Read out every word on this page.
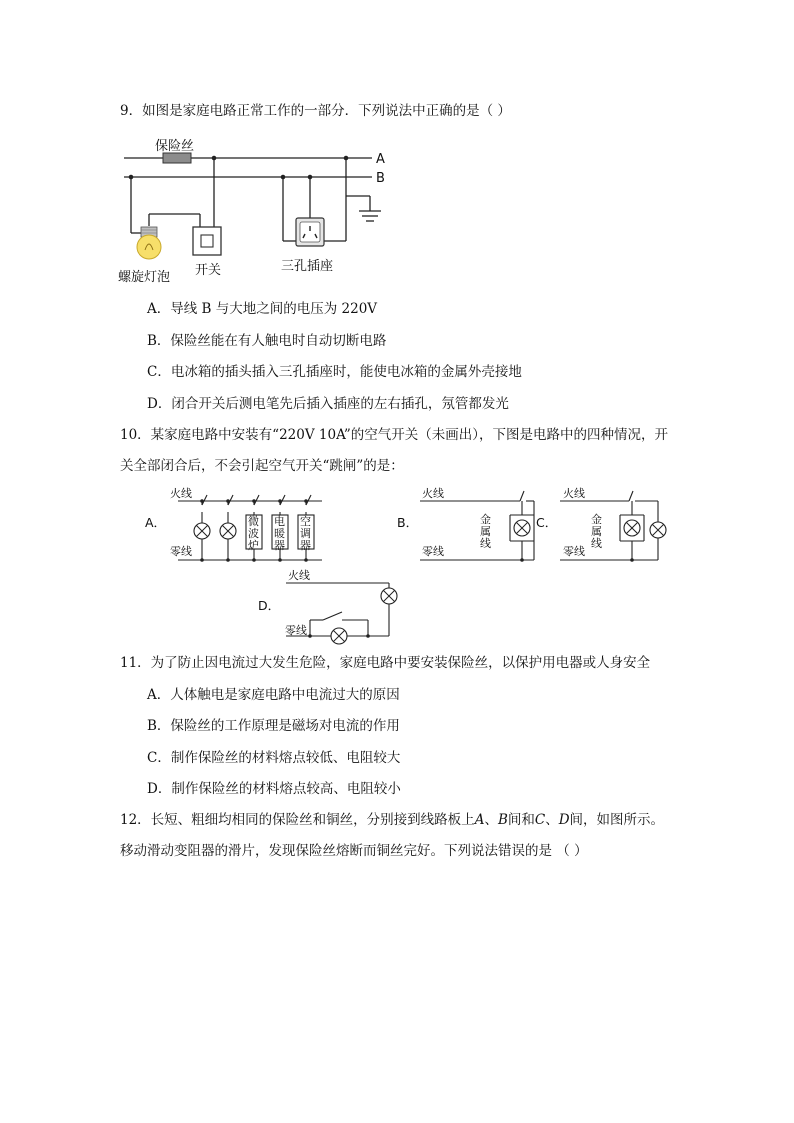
9．如图是家庭电路正常工作的一部分．下列说法中正确的是（ ）
保险丝
A
B
螺旋灯泡 开关	三孔插座
A．导线 B 与大地之间的电压为 220V
B．保险丝能在有人触电时自动切断电路
C．电冰箱的插头插入三孔插座时，能使电冰箱的金属外壳接地
D．闭合开关后测电笔先后插入插座的左右插孔，氖管都发光
10．某家庭电路中安装有“220V 10A”的空气开关（未画出），下图是电路中的四种情况，开
关全部闭合后，不会引起空气开关“跳闸”的是：
A．
火线
零线
微
波
炉
电
暖
器
空
调
器
B．
火线
零线
金
属
线
C．
火线
零线
金
属
线
D．
火线
零线
11．为了防止因电流过大发生危险，家庭电路中要安装保险丝，以保护用电器或人身安全
A．人体触电是家庭电路中电流过大的原因
B．保险丝的工作原理是磁场对电流的作用
C．制作保险丝的材料熔点较低、电阻较大
D．制作保险丝的材料熔点较高、电阻较小
12．长短、粗细均相同的保险丝和铜丝，分别接到线路板上A、B间和C、D间，如图所示。
移动滑动变阻器的滑片，发现保险丝熔断而铜丝完好。下列说法错误的是 （ ）
